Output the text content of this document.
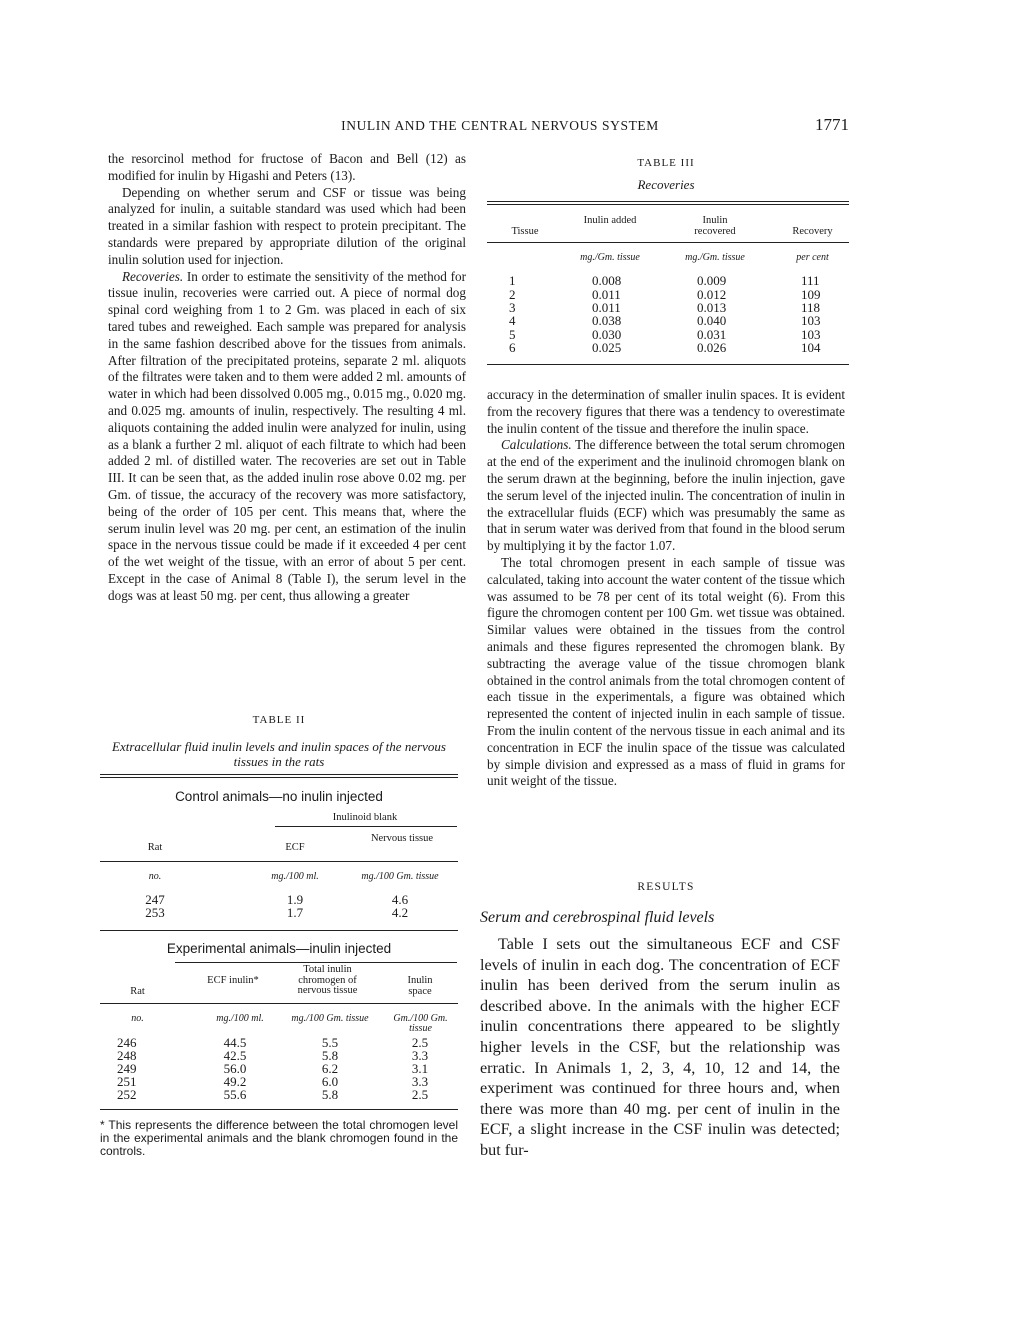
INULIN AND THE CENTRAL NERVOUS SYSTEM	1771

the resorcinol method for fructose of Bacon and Bell (12) as modified for inulin by Higashi and Peters (13).

Depending on whether serum and CSF or tissue was being analyzed for inulin, a suitable standard was used which had been treated in a similar fashion with respect to protein precipitant. The standards were prepared by appropriate dilution of the original inulin solution used for injection.

Recoveries. In order to estimate the sensitivity of the method for tissue inulin, recoveries were carried out. A piece of normal dog spinal cord weighing from 1 to 2 Gm. was placed in each of six tared tubes and reweighed. Each sample was prepared for analysis in the same fashion described above for the tissues from animals. After filtration of the precipitated proteins, separate 2 ml. aliquots of the filtrates were taken and to them were added 2 ml. amounts of water in which had been dissolved 0.005 mg., 0.015 mg., 0.020 mg. and 0.025 mg. amounts of inulin, respectively. The resulting 4 ml. aliquots containing the added inulin were analyzed for inulin, using as a blank a further 2 ml. aliquot of each filtrate to which had been added 2 ml. of distilled water. The recoveries are set out in Table III. It can be seen that, as the added inulin rose above 0.02 mg. per Gm. of tissue, the accuracy of the recovery was more satisfactory, being of the order of 105 per cent. This means that, where the serum inulin level was 20 mg. per cent, an estimation of the inulin space in the nervous tissue could be made if it exceeded 4 per cent of the wet weight of the tissue, with an error of about 5 per cent. Except in the case of Animal 8 (Table I), the serum level in the dogs was at least 50 mg. per cent, thus allowing a greater

TABLE II
Extracellular fluid inulin levels and inulin spaces of the nervous tissues in the rats
Control animals—no inulin injected
Inulinoid blank
Rat	ECF
Nervous tissue
no.	mg./100 ml.	mg./100 Gm. tissue
247	1.9	4.6
253	1.7	4.2
Experimental animals—inulin injected
Rat
ECF inulin*
Total inulin chromogen of nervous tissue
Inulin space
no.	mg./100 ml.	mg./100 Gm. tissue	Gm./100 Gm. tissue
246	44.5	5.5	2.5
248	42.5	5.8	3.3
249	56.0	6.2	3.1
251	49.2	6.0	3.3
252	55.6	5.8	2.5
* This represents the difference between the total chromogen level in the experimental animals and the blank chromogen found in the controls.
TABLE III
Recoveries
Tissue
Inulin added	Inulin recovered	Recovery
mg./Gm. tissue	mg./Gm. tissue	per cent
1	0.008	0.009	111
2	0.011	0.012	109
3	0.011	0.013	118
4	0.038	0.040	103
5	0.030	0.031	103
6	0.025	0.026	104

accuracy in the determination of smaller inulin spaces. It is evident from the recovery figures that there was a tendency to overestimate the inulin content of the tissue and therefore the inulin space.

Calculations. The difference between the total serum chromogen at the end of the experiment and the inulinoid chromogen blank on the serum drawn at the beginning, before the inulin injection, gave the serum level of the injected inulin. The concentration of inulin in the extracellular fluids (ECF) which was presumably the same as that in serum water was derived from that found in the blood serum by multiplying it by the factor 1.07.

The total chromogen present in each sample of tissue was calculated, taking into account the water content of the tissue which was assumed to be 78 per cent of its total weight (6). From this figure the chromogen content per 100 Gm. wet tissue was obtained. Similar values were obtained in the tissues from the control animals and these figures represented the chromogen blank. By subtracting the average value of the tissue chromogen blank obtained in the control animals from the total chromogen content of each tissue in the experimentals, a figure was obtained which represented the content of injected inulin in each sample of tissue. From the inulin content of the nervous tissue in each animal and its concentration in ECF the inulin space of the tissue was calculated by simple division and expressed as a mass of fluid in grams for unit weight of the tissue.

RESULTS
Serum and cerebrospinal fluid levels

Table I sets out the simultaneous ECF and CSF levels of inulin in each dog. The concentration of ECF inulin has been derived from the serum inulin as described above. In the animals with the higher ECF inulin concentrations there appeared to be slightly higher levels in the CSF, but the relationship was erratic. In Animals 1, 2, 3, 4, 10, 12 and 14, the experiment was continued for three hours and, when there was more than 40 mg. per cent of inulin in the ECF, a slight increase in the CSF inulin was detected; but fur-
